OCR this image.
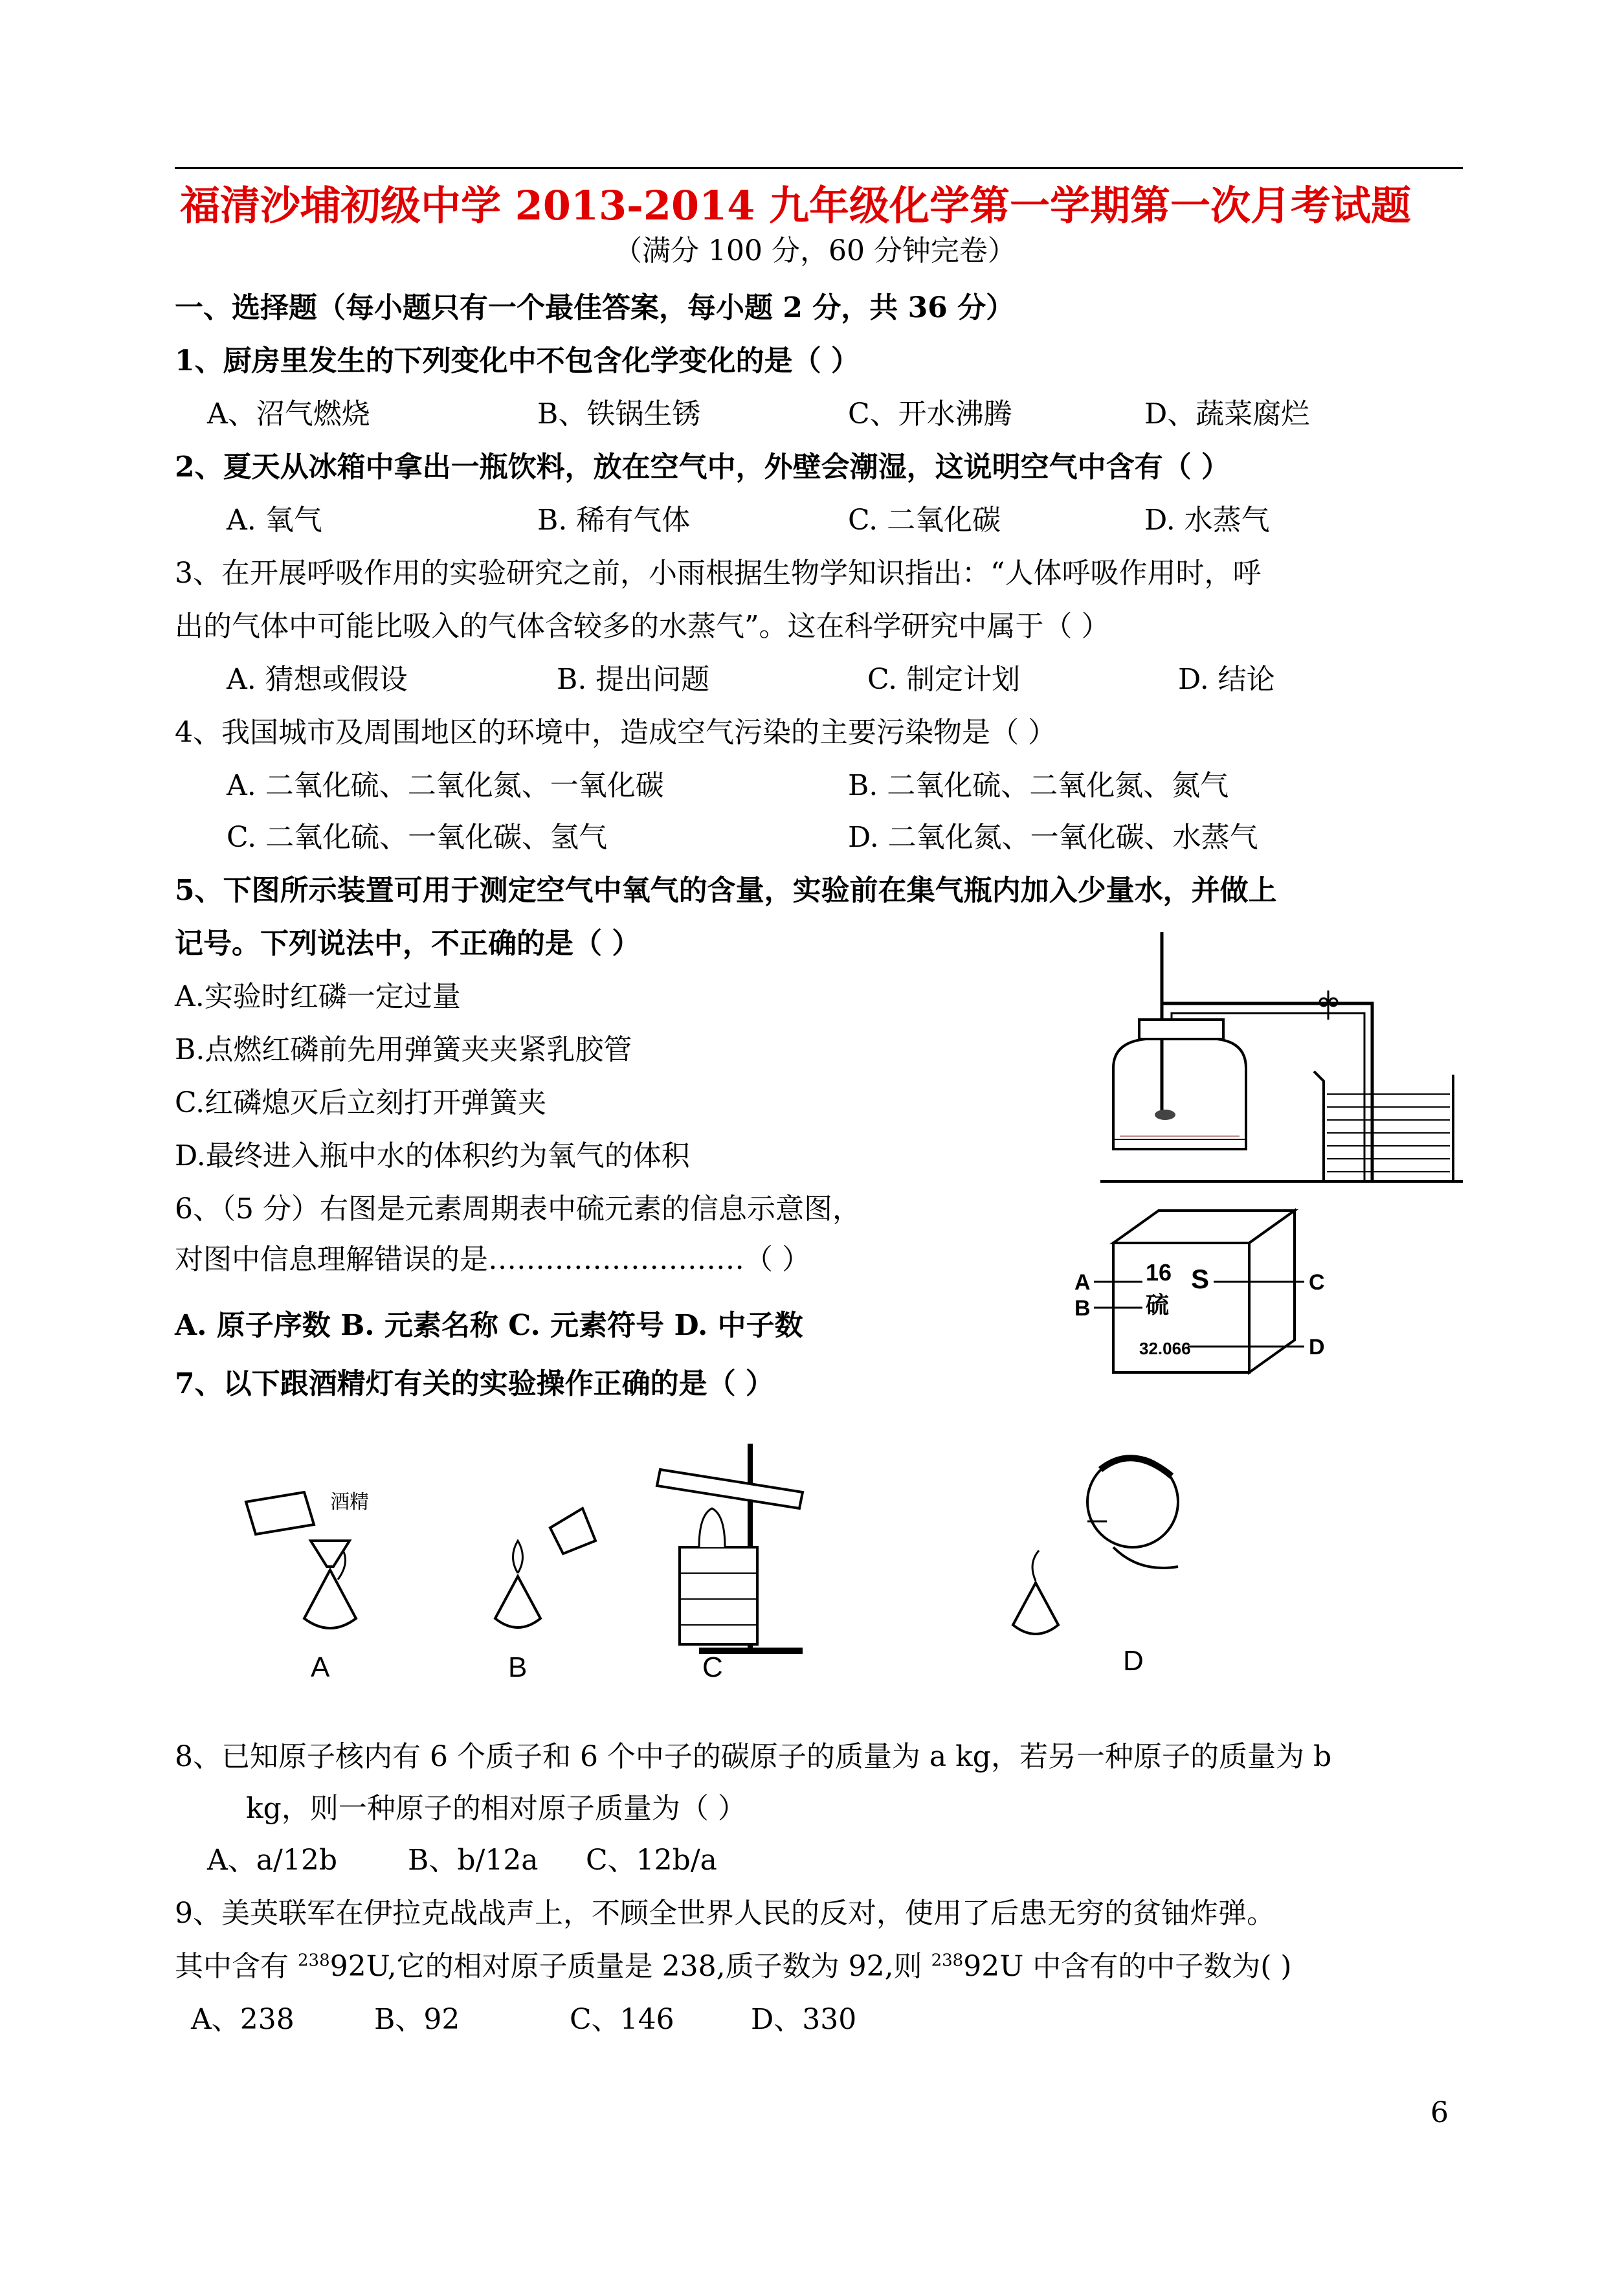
福清沙埔初级中学 2013-2014 九年级化学第一学期第一次月考试题
（满分 100 分，60 分钟完卷）
一、选择题（每小题只有一个最佳答案，每小题 2 分，共 36 分）
1、厨房里发生的下列变化中不包含化学变化的是（ ）
A、沼气燃烧	B、铁锅生锈	C、开水沸腾	D、蔬菜腐烂
2、夏天从冰箱中拿出一瓶饮料，放在空气中，外壁会潮湿，这说明空气中含有（ ）
A. 氧气	B. 稀有气体	C. 二氧化碳	D. 水蒸气
3、在开展呼吸作用的实验研究之前，小雨根据生物学知识指出：“人体呼吸作用时，呼
出的气体中可能比吸入的气体含较多的水蒸气”。这在科学研究中属于（ ）
A. 猜想或假设	B. 提出问题	C. 制定计划	D. 结论
4、我国城市及周围地区的环境中，造成空气污染的主要污染物是（ ）
A. 二氧化硫、二氧化氮、一氧化碳	B. 二氧化硫、二氧化氮、氮气
C. 二氧化硫、一氧化碳、氢气	D. 二氧化氮、一氧化碳、水蒸气
5、下图所示装置可用于测定空气中氧气的含量，实验前在集气瓶内加入少量水，并做上
记号。下列说法中，不正确的是（ ）
A.实验时红磷一定过量
B.点燃红磷前先用弹簧夹夹紧乳胶管
C.红磷熄灭后立刻打开弹簧夹
D.最终进入瓶中水的体积约为氧气的体积
6、（5 分）右图是元素周期表中硫元素的信息示意图，
对图中信息理解错误的是………………………（ ）
A. 原子序数 B. 元素名称 C. 元素符号 D. 中子数
16 S
硫
32.066
A
B
C
D
7、以下跟酒精灯有关的实验操作正确的是（ ）
酒精
A	B	C	D
8、已知原子核内有 6 个质子和 6 个中子的碳原子的质量为 a kg，若另一种原子的质量为 b
kg，则一种原子的相对原子质量为（ ）
A、a/12b B、b/12a C、12b/a
9、美英联军在伊拉克战战声上，不顾全世界人民的反对，使用了后患无穷的贫铀炸弹。
其中含有 $^{238}$92U,它的相对原子质量是 238,质子数为 92,则 $^{238}$92U 中含有的中子数为( )
A、238	B、92	C、146	D、330
6
